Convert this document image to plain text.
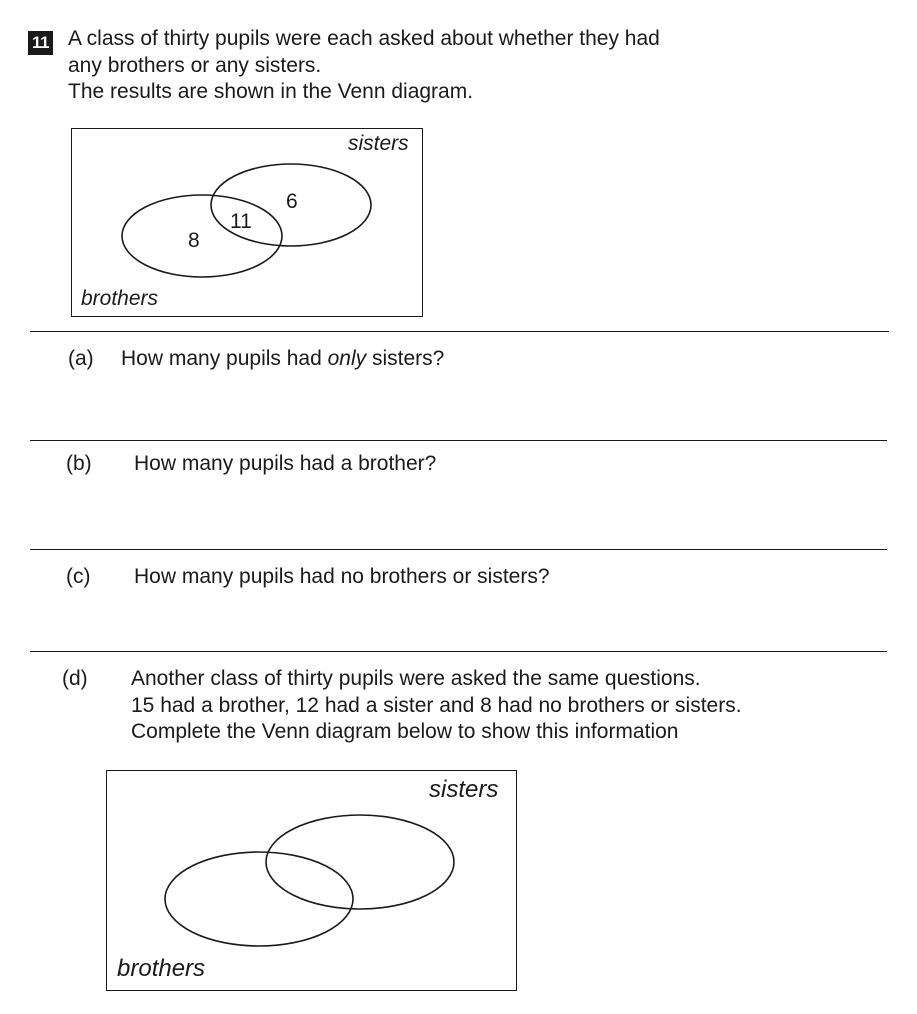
11 A class of thirty pupils were each asked about whether they had
any brothers or any sisters.
The results are shown in the Venn diagram.
sisters
brothers
6
11
8
(a) How many pupils had only sisters?
(b) How many pupils had a brother?
(c) How many pupils had no brothers or sisters?
(d) Another class of thirty pupils were asked the same questions.
15 had a brother, 12 had a sister and 8 had no brothers or sisters.
Complete the Venn diagram below to show this information
sisters
brothers
